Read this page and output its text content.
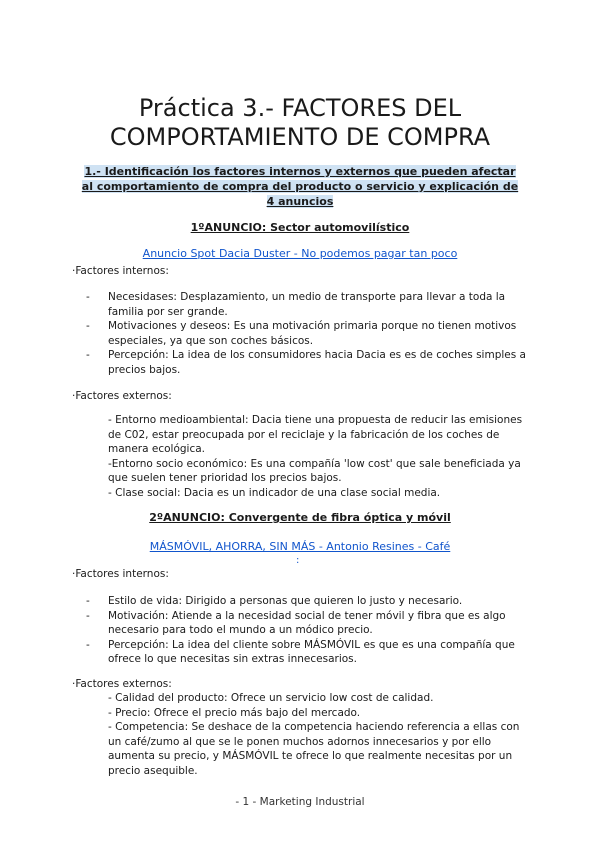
Práctica 3.- FACTORES DEL
COMPORTAMIENTO DE COMPRA

1.- Identificación los factores internos y externos que pueden afectar al comportamiento de compra del producto o servicio y explicación de 4 anuncios

1ºANUNCIO: Sector automovilístico

Anuncio Spot Dacia Duster - No podemos pagar tan poco

·Factores internos:

- Necesidases: Desplazamiento, un medio de transporte para llevar a toda la familia por ser grande.
- Motivaciones y deseos: Es una motivación primaria porque no tienen motivos especiales, ya que son coches básicos.
- Percepción: La idea de los consumidores hacia Dacia es es de coches simples a precios bajos.

·Factores externos:

- Entorno medioambiental: Dacia tiene una propuesta de reducir las emisiones de C02, estar preocupada por el reciclaje y la fabricación de los coches de manera ecológica.

-Entorno socio económico: Es una compañía 'low cost' que sale beneficiada ya que suelen tener prioridad los precios bajos.

- Clase social: Dacia es un indicador de una clase social media.

2ºANUNCIO: Convergente de fibra óptica y móvil

MÁSMÓVIL, AHORRA, SIN MÁS - Antonio Resines - Café

:

·Factores internos:

- Estilo de vida: Dirigido a personas que quieren lo justo y necesario.
- Motivación: Atiende a la necesidad social de tener móvil y fibra que es algo necesario para todo el mundo a un módico precio.
- Percepción: La idea del cliente sobre MÁSMÓVIL es que es una compañía que ofrece lo que necesitas sin extras innecesarios.

·Factores externos:

- Calidad del producto: Ofrece un servicio low cost de calidad.

- Precio: Ofrece el precio más bajo del mercado.

- Competencia: Se deshace de la competencia haciendo referencia a ellas con un café/zumo al que se le ponen muchos adornos innecesarios y por ello aumenta su precio, y MÁSMÓVIL te ofrece lo que realmente necesitas por un precio asequible.

- 1 - Marketing Industrial
